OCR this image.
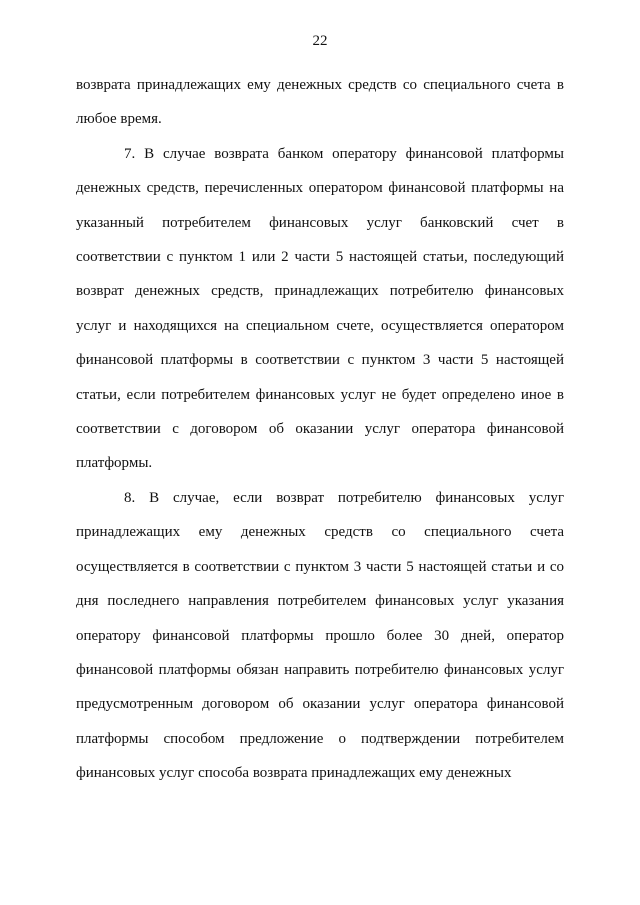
22

возврата принадлежащих ему денежных средств со специального счета в любое время.

7. В случае возврата банком оператору финансовой платформы денежных средств, перечисленных оператором финансовой платформы на указанный потребителем финансовых услуг банковский счет в соответствии с пунктом 1 или 2 части 5 настоящей статьи, последующий возврат денежных средств, принадлежащих потребителю финансовых услуг и находящихся на специальном счете, осуществляется оператором финансовой платформы в соответствии с пунктом 3 части 5 настоящей статьи, если потребителем финансовых услуг не будет определено иное в соответствии с договором об оказании услуг оператора финансовой платформы.

8. В случае, если возврат потребителю финансовых услуг принадлежащих ему денежных средств со специального счета осуществляется в соответствии с пунктом 3 части 5 настоящей статьи и со дня последнего направления потребителем финансовых услуг указания оператору финансовой платформы прошло более 30 дней, оператор финансовой платформы обязан направить потребителю финансовых услуг предусмотренным договором об оказании услуг оператора финансовой платформы способом предложение о подтверждении потребителем финансовых услуг способа возврата принадлежащих ему денежных
